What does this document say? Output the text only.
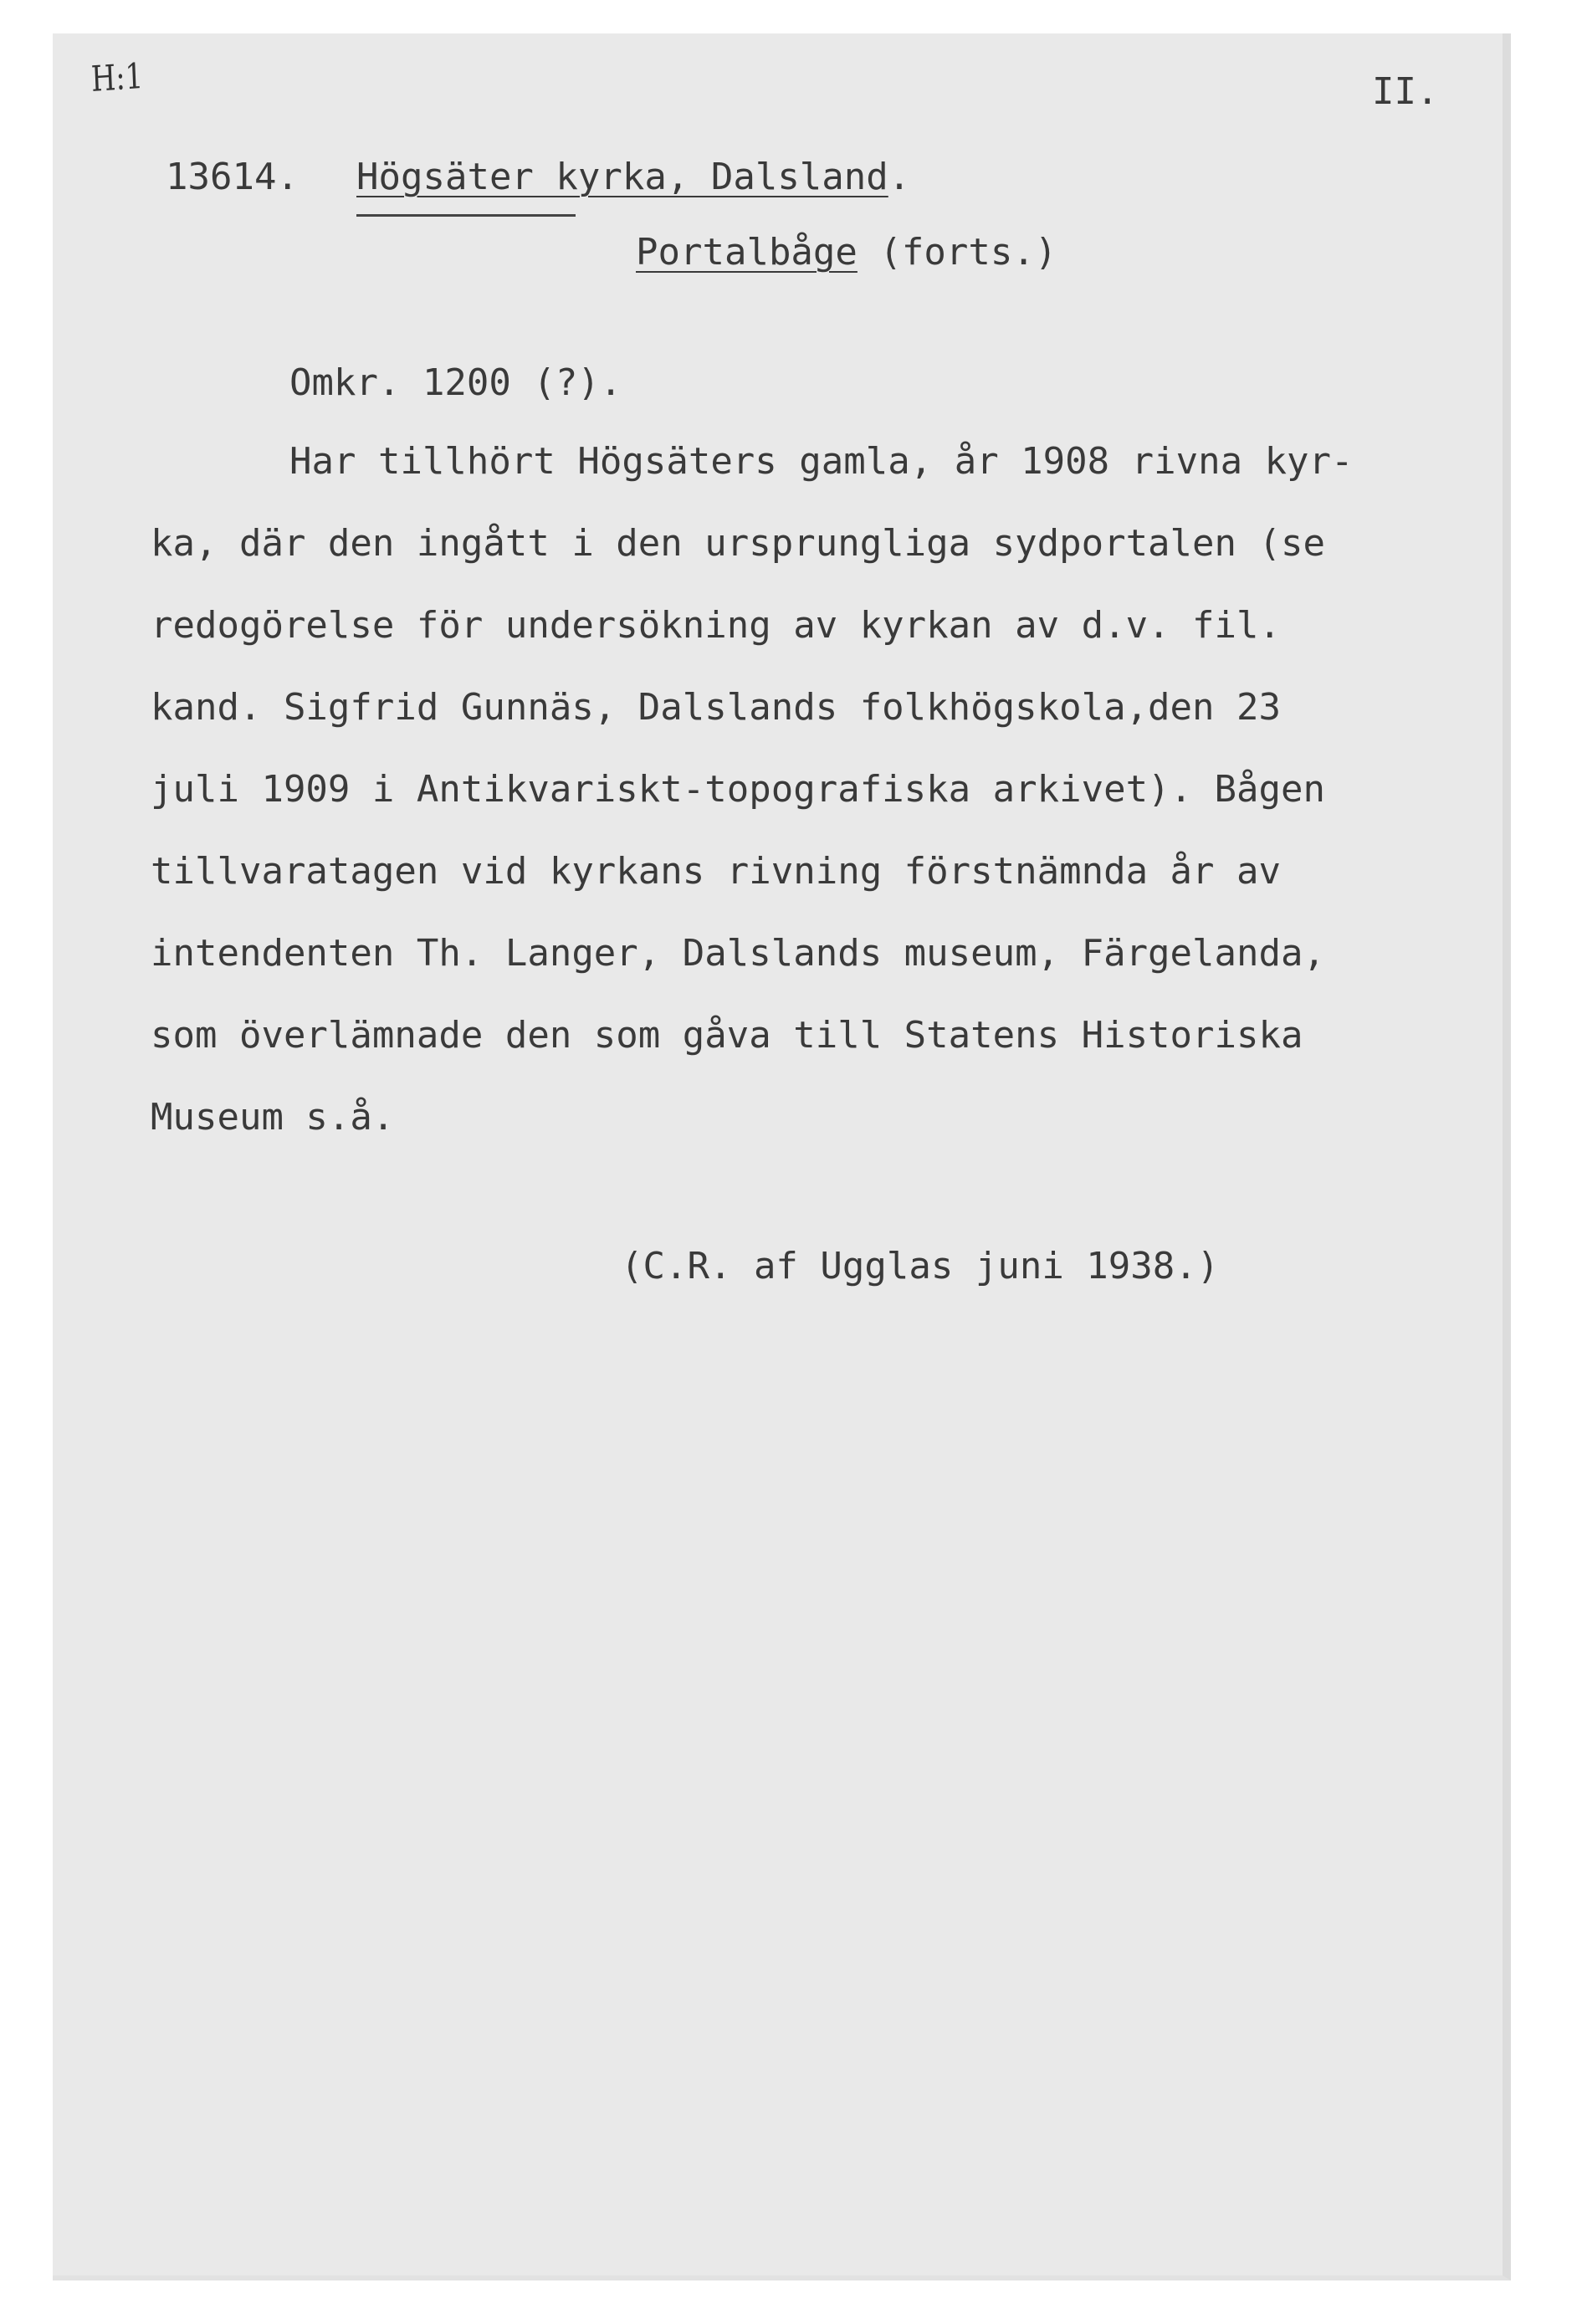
H:1	II.
13614. Högsäter kyrka, Dalsland.
Portalbåge (forts.)
Omkr. 1200 (?).
Har tillhört Högsäters gamla, år 1908 rivna kyr-
ka, där den ingått i den ursprungliga sydportalen (se
redogörelse för undersökning av kyrkan av d.v. fil.
kand. Sigfrid Gunnäs, Dalslands folkhögskola,den 23
juli 1909 i Antikvariskt-topografiska arkivet). Bågen
tillvaratagen vid kyrkans rivning förstnämnda år av
intendenten Th. Langer, Dalslands museum, Färgelanda,
som överlämnade den som gåva till Statens Historiska
Museum s.å.
(C.R. af Ugglas juni 1938.)
